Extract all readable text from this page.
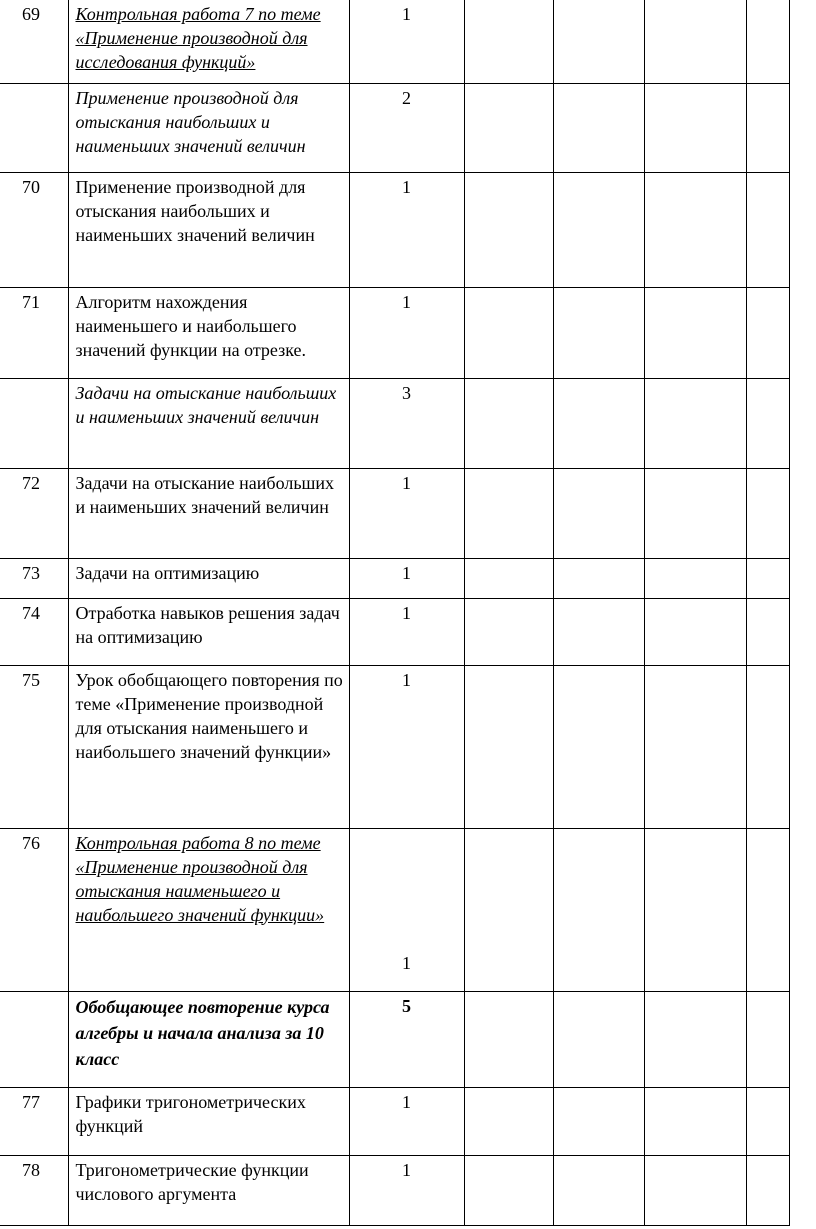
69	Контрольная работа 7 по теме «Применение производной для исследования функций»	1				

	Применение производной для отыскания наибольших и наименьших значений величин	2				
70	Применение производной для отыскания наибольших и наименьших значений величин	1				
71	Алгоритм нахождения наименьшего и наибольшего значений функции на отрезке.	1				

	Задачи на отыскание наибольших и наименьших значений величин	3				
72	Задачи на отыскание наибольших и наименьших значений величин	1				
73	Задачи на оптимизацию	1				
74	Отработка навыков решения задач на оптимизацию	1				
75	Урок обобщающего повторения по теме «Применение производной для отыскания наименьшего и наибольшего значений функции»	1				
76	Контрольная работа 8 по теме «Применение производной для отыскания наименьшего и наибольшего значений функции»	1				

	Обобщающее повторение курса алгебры и начала анализа за 10 класс	5				
77	Графики тригонометрических функций	1				
78	Тригонометрические функции числового аргумента	1				
